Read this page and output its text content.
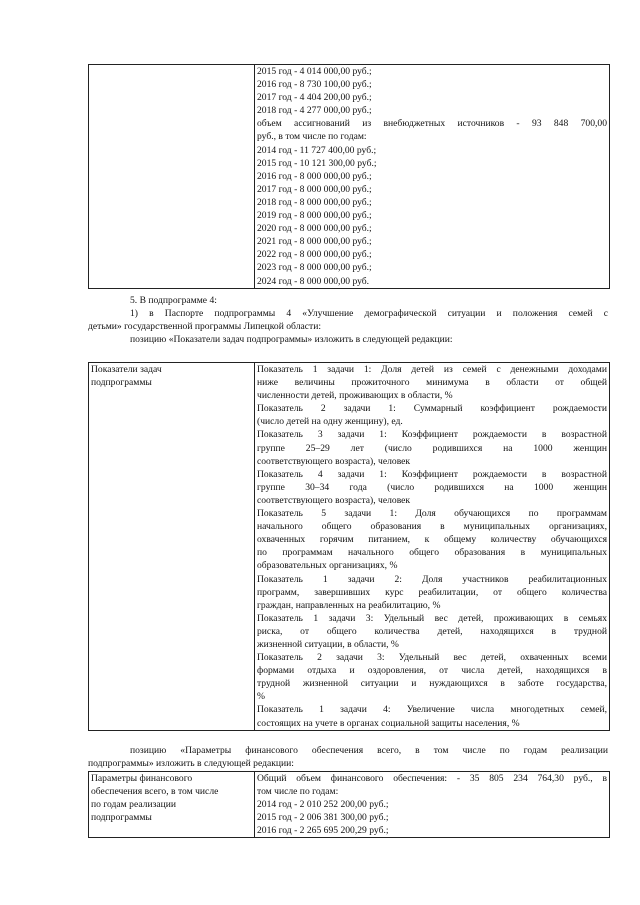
2015 год - 4 014 000,00 руб.;
2016 год - 8 730 100,00 руб.;
2017 год - 4 404 200,00 руб.;
2018 год - 4 277 000,00 руб.;
объем ассигнований из внебюджетных источников - 93 848 700,00
руб., в том числе по годам:
2014 год - 11 727 400,00 руб.;
2015 год - 10 121 300,00 руб.;
2016 год - 8 000 000,00 руб.;
2017 год - 8 000 000,00 руб.;
2018 год - 8 000 000,00 руб.;
2019 год - 8 000 000,00 руб.;
2020 год - 8 000 000,00 руб.;
2021 год - 8 000 000,00 руб.;
2022 год - 8 000 000,00 руб.;
2023 год - 8 000 000,00 руб.;
2024 год - 8 000 000,00 руб.
5. В подпрограмме 4:
1) в Паспорте подпрограммы 4 «Улучшение демографической ситуации и положения семей с
детьми» государственной программы Липецкой области:
позицию «Показатели задач подпрограммы» изложить в следующей редакции:
Показатели задач
подпрограммы

Показатель 1 задачи 1: Доля детей из семей с денежными доходами
ниже величины прожиточного минимума в области от общей
численности детей, проживающих в области, %
Показатель 2 задачи 1: Суммарный коэффициент рождаемости
(число детей на одну женщину), ед.
Показатель 3 задачи 1: Коэффициент рождаемости в возрастной
группе 25–29 лет (число родившихся на 1000 женщин
соответствующего возраста), человек
Показатель 4 задачи 1: Коэффициент рождаемости в возрастной
группе 30–34 года (число родившихся на 1000 женщин
соответствующего возраста), человек
Показатель 5 задачи 1: Доля обучающихся по программам
начального общего образования в муниципальных организациях,
охваченных горячим питанием, к общему количеству обучающихся
по программам начального общего образования в муниципальных
образовательных организациях, %
Показатель 1 задачи 2: Доля участников реабилитационных
программ, завершивших курс реабилитации, от общего количества
граждан, направленных на реабилитацию, %
Показатель 1 задачи 3: Удельный вес детей, проживающих в семьях
риска, от общего количества детей, находящихся в трудной
жизненной ситуации, в области, %
Показатель 2 задачи 3: Удельный вес детей, охваченных всеми
формами отдыха и оздоровления, от числа детей, находящихся в
трудной жизненной ситуации и нуждающихся в заботе государства,
%
Показатель 1 задачи 4: Увеличение числа многодетных семей,
состоящих на учете в органах социальной защиты населения, %
позицию «Параметры финансового обеспечения всего, в том числе по годам реализации
подпрограммы» изложить в следующей редакции:
Параметры финансового
обеспечения всего, в том числе
по годам реализации
подпрограммы

Общий объем финансового обеспечения: - 35 805 234 764,30 руб., в
том числе по годам:
2014 год - 2 010 252 200,00 руб.;
2015 год - 2 006 381 300,00 руб.;
2016 год - 2 265 695 200,29 руб.;
